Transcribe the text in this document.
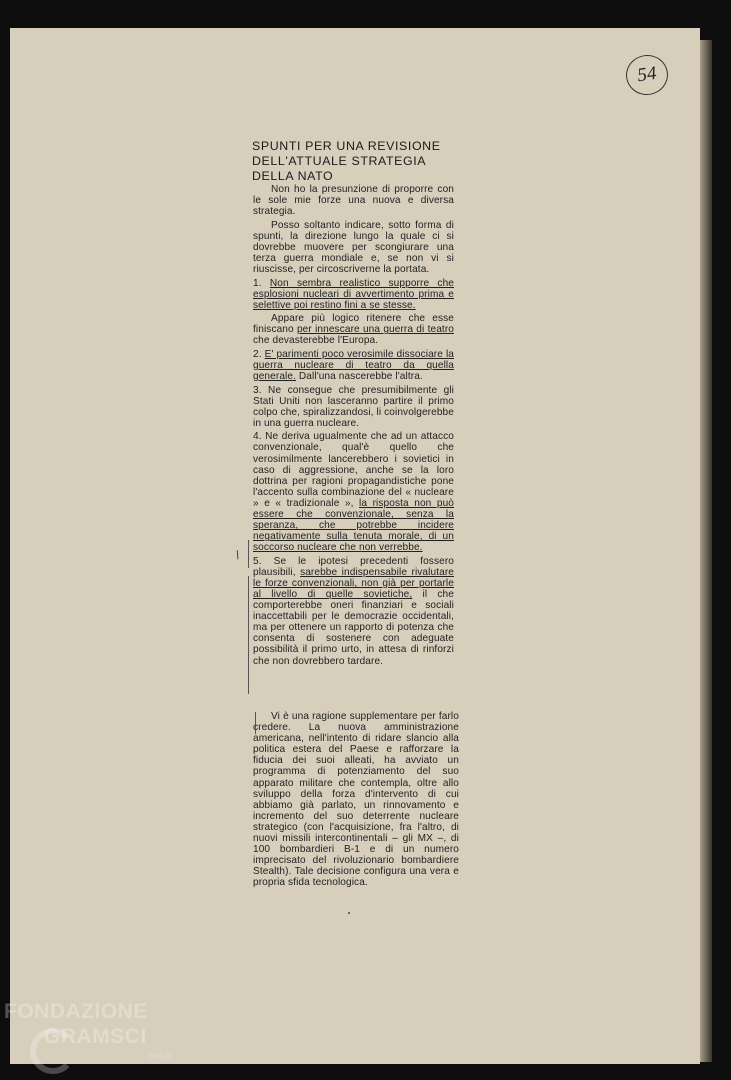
54
SPUNTI PER UNA REVISIONE
DELL'ATTUALE STRATEGIA
DELLA NATO
Non ho la presunzione di proporre con le sole mie forze una nuova e diversa strategia.
Posso soltanto indicare, sotto forma di spunti, la direzione lungo la quale ci si dovrebbe muovere per scongiurare una terza guerra mondiale e, se non vi si riuscisse, per circoscriverne la portata.
1. Non sembra realistico supporre che esplosioni nucleari di avvertimento prima e selettive poi restino fini a se stesse.
Appare più logico ritenere che esse finiscano per innescare una guerra di teatro che devasterebbe l'Europa.
2. E' parimenti poco verosimile dissociare la guerra nucleare di teatro da quella generale. Dall'una nascerebbe l'altra.
3. Ne consegue che presumibilmente gli Stati Uniti non lasceranno partire il primo colpo che, spiralizzandosi, li coinvolgerebbe in una guerra nucleare.
4. Ne deriva ugualmente che ad un attacco convenzionale, qual'è quello che verosimilmente lancerebbero i sovietici in caso di aggressione, anche se la loro dottrina per ragioni propagandistiche pone l'accento sulla combinazione del « nucleare » e « tradizionale », la risposta non può essere che convenzionale, senza la speranza, che potrebbe incidere negativamente sulla tenuta morale, di un soccorso nucleare che non verrebbe.
5. Se le ipotesi precedenti fossero plausibili, sarebbe indispensabile rivalutare le forze convenzionali, non già per portarle al livello di quelle sovietiche, il che comporterebbe oneri finanziari e sociali inaccettabili per le democrazie occidentali, ma per ottenere un rapporto di potenza che consenta di sostenere con adeguate possibilità il primo urto, in attesa di rinforzi che non dovrebbero tardare.
Vi è una ragione supplementare per farlo credere. La nuova amministrazione americana, nell'intento di ridare slancio alla politica estera del Paese e rafforzare la fiducia dei suoi alleati, ha avviato un programma di potenziamento del suo apparato militare che contempla, oltre allo sviluppo della forza d'intervento di cui abbiamo già parlato, un rinnovamento e incremento del suo deterrente nucleare strategico (con l'acquisizione, fra l'altro, di nuovi missili intercontinentali – gli MX –, di 100 bombardieri B-1 e di un numero imprecisato del rivoluzionario bombardiere Stealth). Tale decisione configura una vera e propria sfida tecnologica.
/
FONDAZIONE
GRAMSCI
onlus
